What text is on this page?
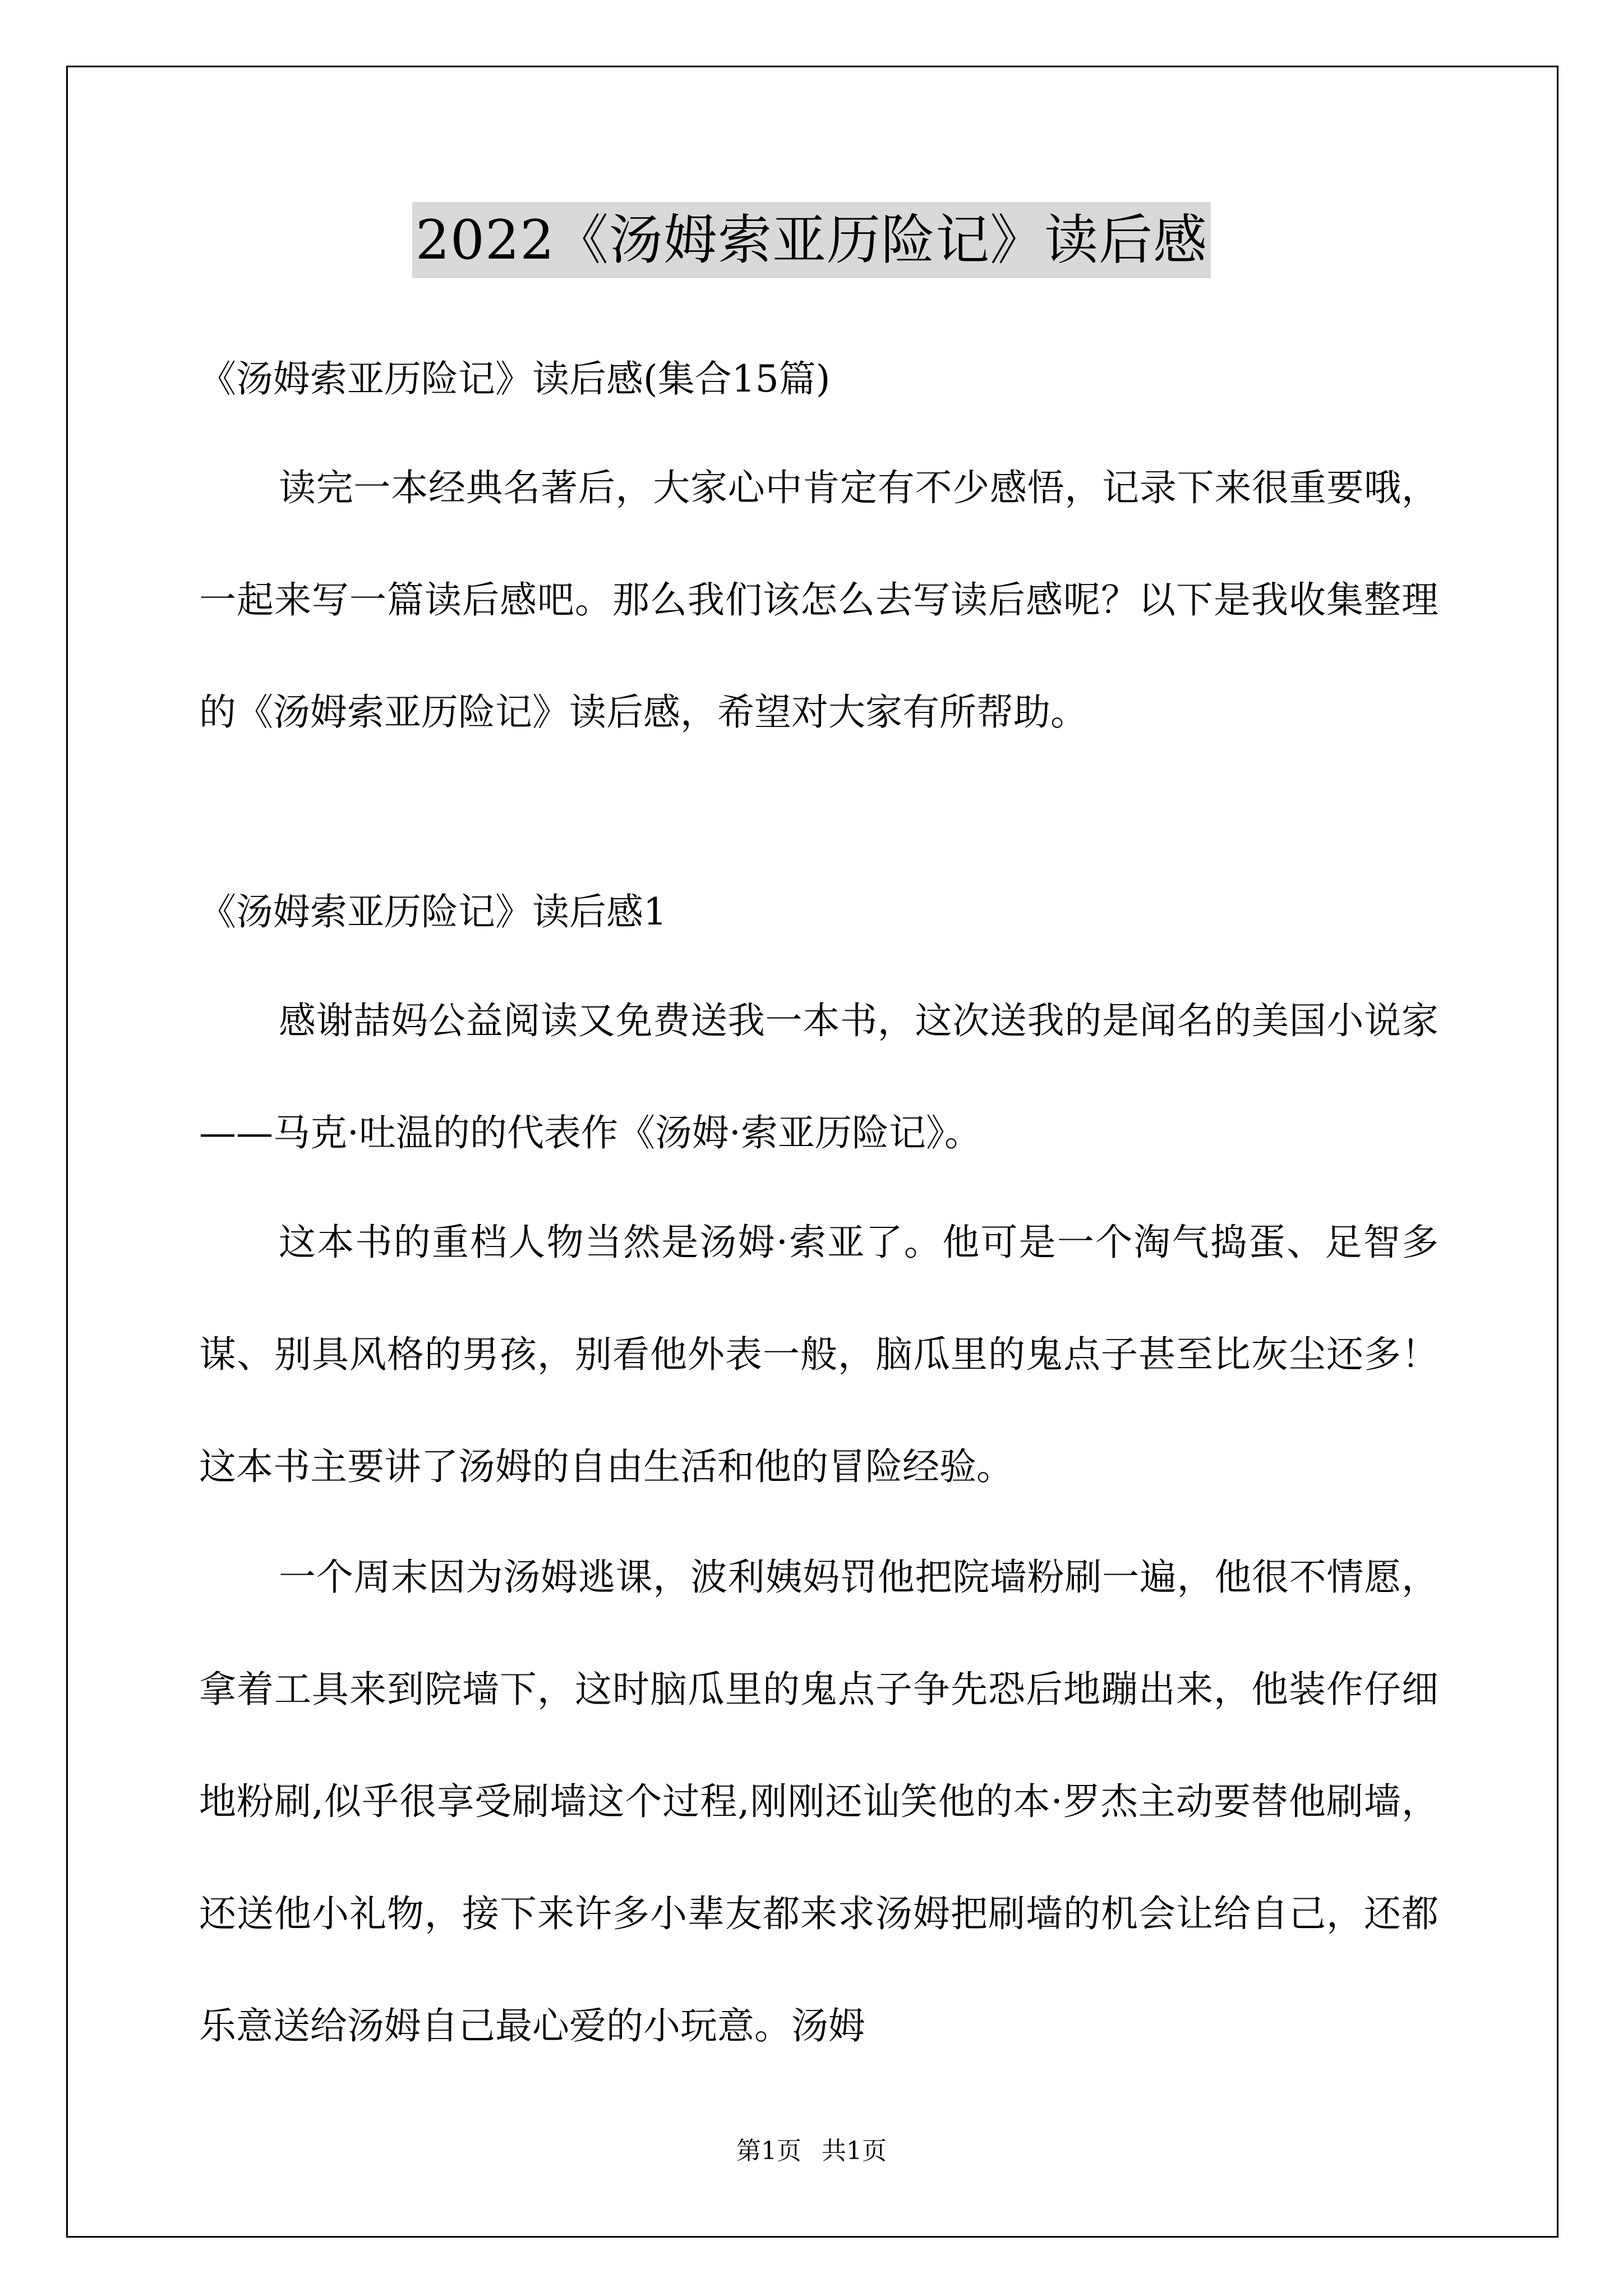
2022《汤姆索亚历险记》读后感
《汤姆索亚历险记》读后感(集合15篇)

读完一本经典名著后，大家心中肯定有不少感悟，记录下来很重要哦，一起来写一篇读后感吧。那么我们该怎么去写读后感呢？以下是我收集整理的《汤姆索亚历险记》读后感，希望对大家有所帮助。

《汤姆索亚历险记》读后感1

感谢喆妈公益阅读又免费送我一本书，这次送我的是闻名的美国小说家——马克·吐温的的代表作《汤姆·索亚历险记》。

这本书的重档人物当然是汤姆·索亚了。他可是一个淘气捣蛋、足智多谋、别具风格的男孩，别看他外表一般，脑瓜里的鬼点子甚至比灰尘还多！这本书主要讲了汤姆的自由生活和他的冒险经验。

一个周末因为汤姆逃课，波利姨妈罚他把院墙粉刷一遍，他很不情愿，拿着工具来到院墙下，这时脑瓜里的鬼点子争先恐后地蹦出来，他装作仔细地粉刷,似乎很享受刷墙这个过程,刚刚还讪笑他的本·罗杰主动要替他刷墙，还送他小礼物，接下来许多小辈友都来求汤姆把刷墙的机会让给自己，还都乐意送给汤姆自己最心爱的小玩意。汤姆

第1页 共1页
